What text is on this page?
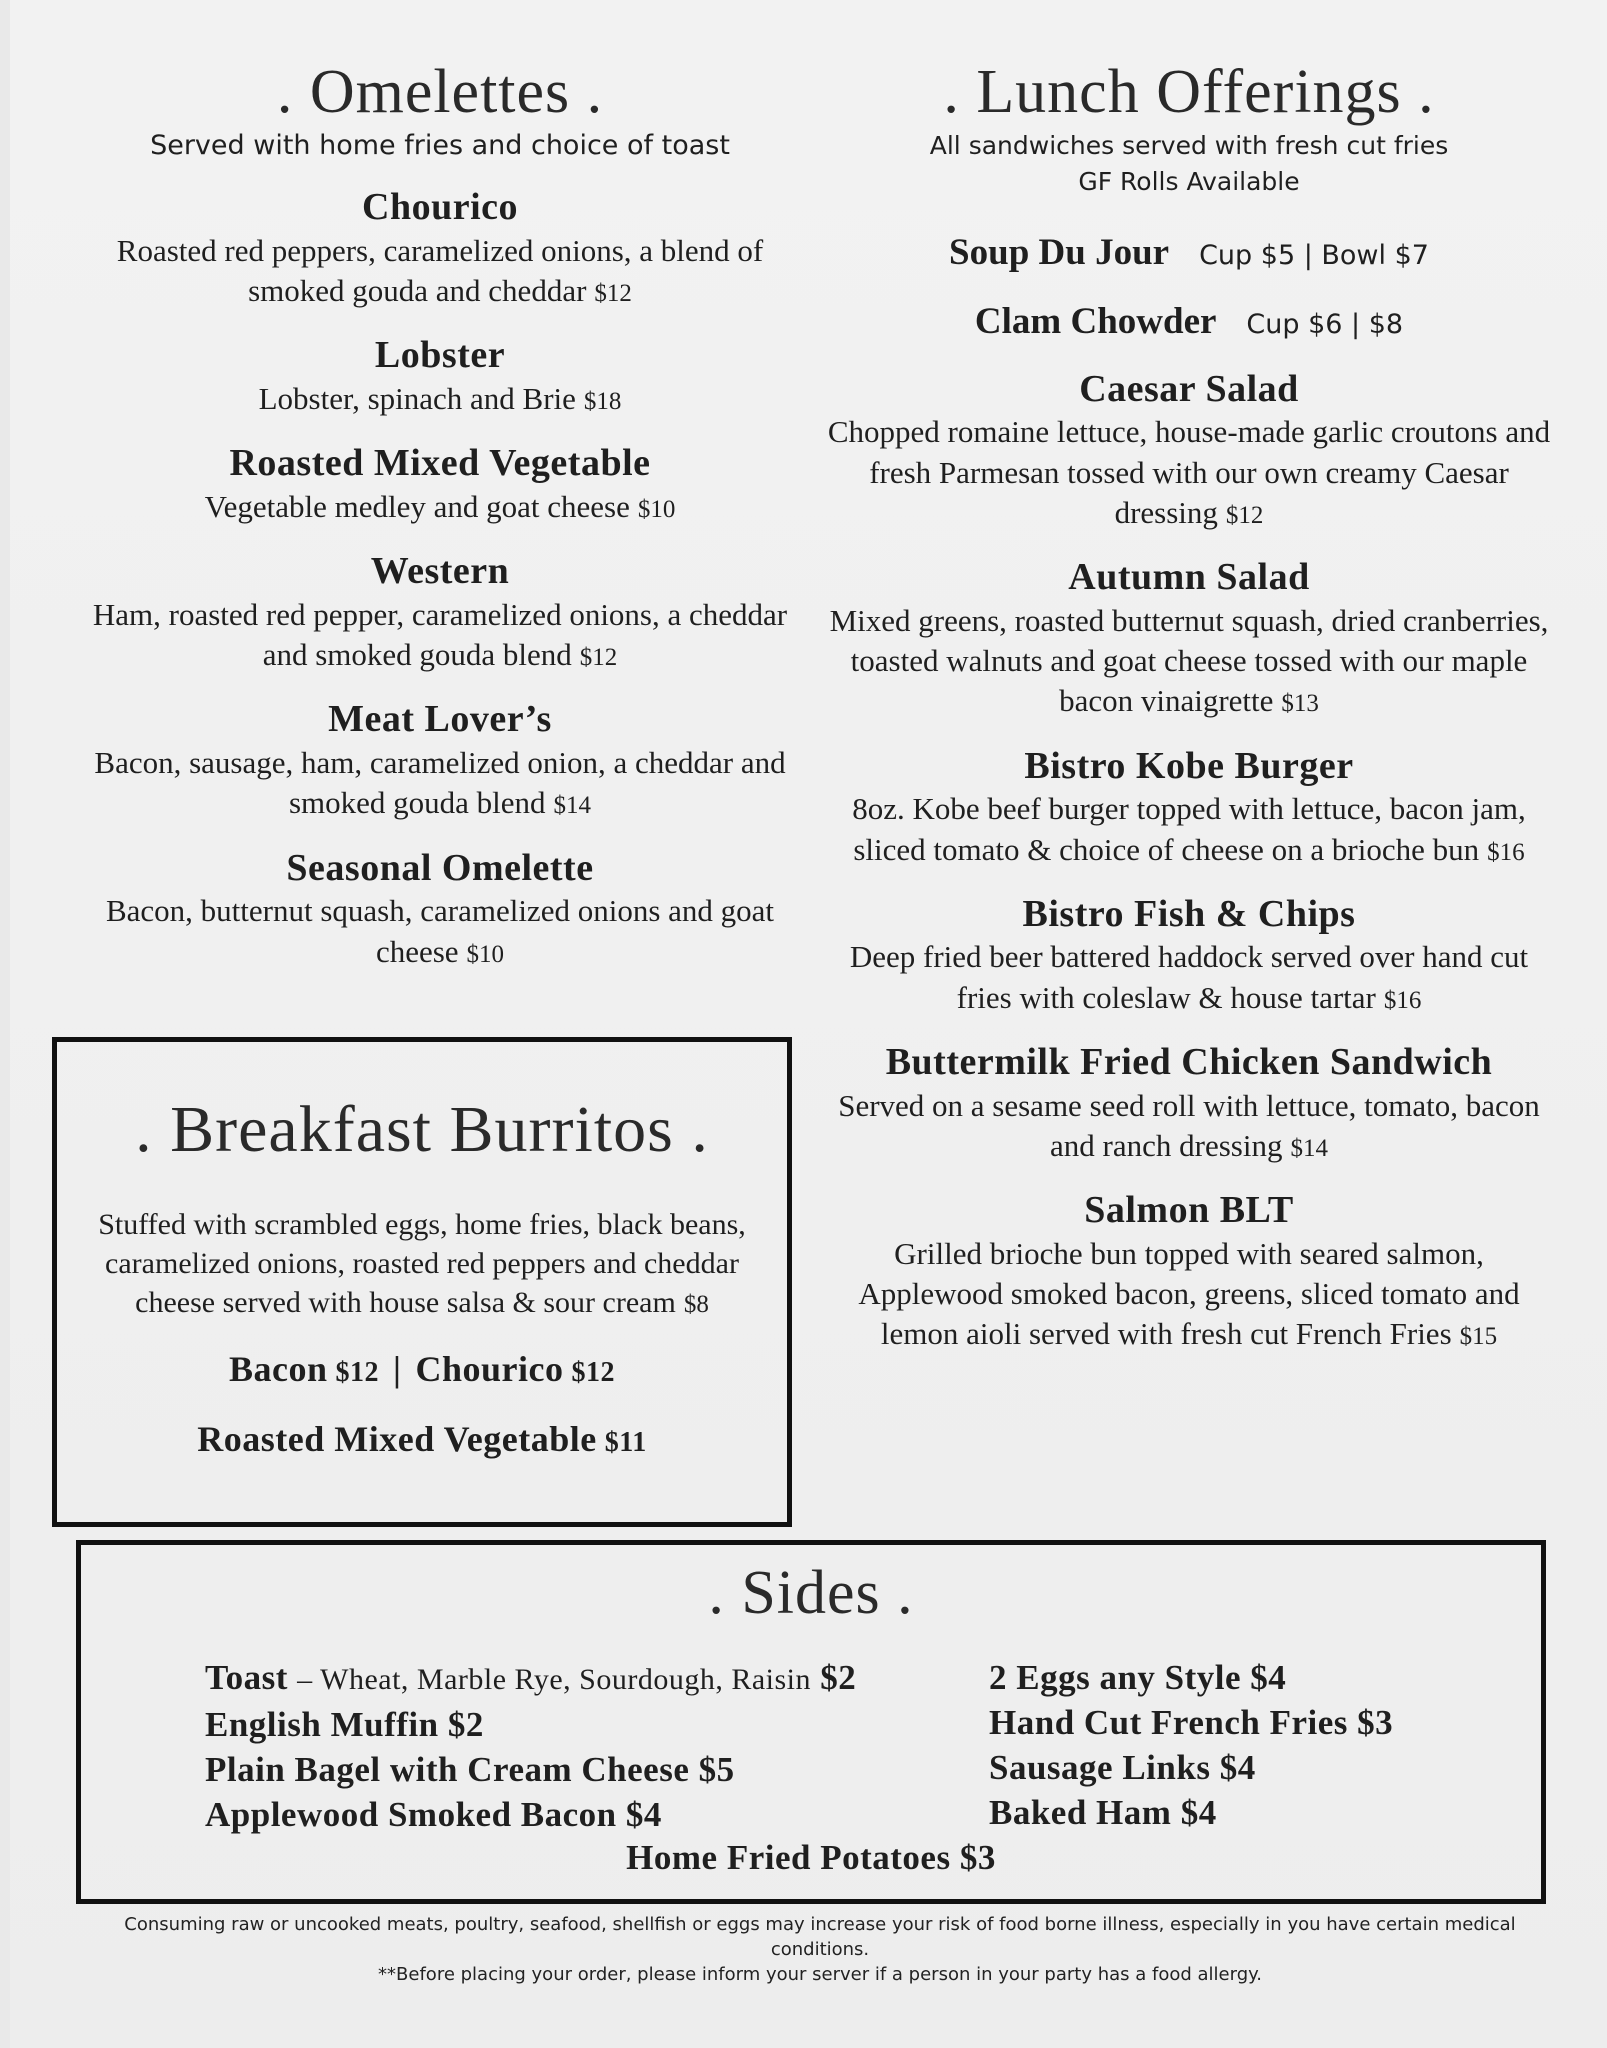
. Omelettes .
Served with home fries and choice of toast
Chourico
Roasted red peppers, caramelized onions, a blend of smoked gouda and cheddar $12
Lobster
Lobster, spinach and Brie $18
Roasted Mixed Vegetable
Vegetable medley and goat cheese $10
Western
Ham, roasted red pepper, caramelized onions, a cheddar and smoked gouda blend $12
Meat Lover’s
Bacon, sausage, ham, caramelized onion, a cheddar and smoked gouda blend $14
Seasonal Omelette
Bacon, butternut squash, caramelized onions and goat cheese $10
. Lunch Offerings .
All sandwiches served with fresh cut fries
GF Rolls Available
Soup Du Jour Cup $5 | Bowl $7
Clam Chowder Cup $6 | $8
Caesar Salad
Chopped romaine lettuce, house-made garlic croutons and fresh Parmesan tossed with our own creamy Caesar dressing $12
Autumn Salad
Mixed greens, roasted butternut squash, dried cranberries, toasted walnuts and goat cheese tossed with our maple bacon vinaigrette $13
Bistro Kobe Burger
8oz. Kobe beef burger topped with lettuce, bacon jam, sliced tomato & choice of cheese on a brioche bun $16
Bistro Fish & Chips
Deep fried beer battered haddock served over hand cut fries with coleslaw & house tartar $16
Buttermilk Fried Chicken Sandwich
Served on a sesame seed roll with lettuce, tomato, bacon and ranch dressing $14
Salmon BLT
Grilled brioche bun topped with seared salmon, Applewood smoked bacon, greens, sliced tomato and lemon aioli served with fresh cut French Fries $15
. Breakfast Burritos .
Stuffed with scrambled eggs, home fries, black beans, caramelized onions, roasted red peppers and cheddar cheese served with house salsa & sour cream $8
Bacon $12 | Chourico $12
Roasted Mixed Vegetable $11
. Sides .
Toast – Wheat, Marble Rye, Sourdough, Raisin $2
English Muffin $2
Plain Bagel with Cream Cheese $5
Applewood Smoked Bacon $4
2 Eggs any Style $4
Hand Cut French Fries $3
Sausage Links $4
Baked Ham $4
Home Fried Potatoes $3
Consuming raw or uncooked meats, poultry, seafood, shellfish or eggs may increase your risk of food borne illness, especially in you have certain medical conditions.
**Before placing your order, please inform your server if a person in your party has a food allergy.
